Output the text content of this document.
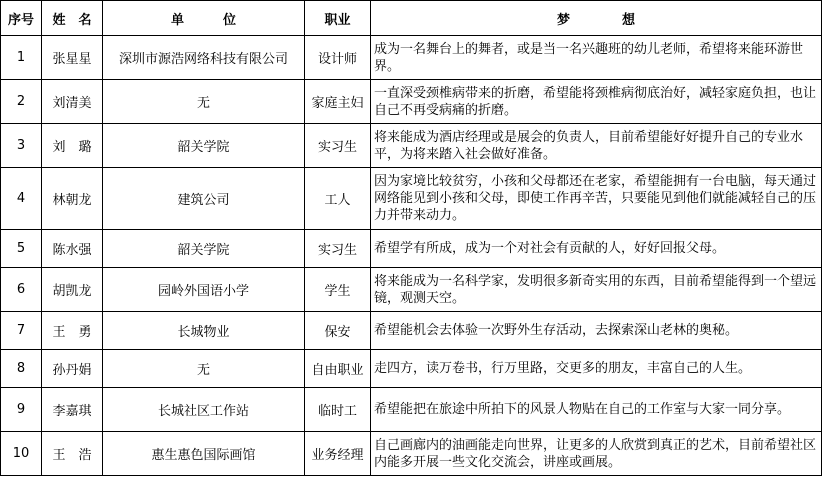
序号	姓　名	单　　　位	职业	梦　　　　想
1	张星星	深圳市源浩网络科技有限公司	设计师	成为一名舞台上的舞者，或是当一名兴趣班的幼儿老师，希望将来能环游世界。
2	刘清美	无	家庭主妇	一直深受颈椎病带来的折磨，希望能将颈椎病彻底治好，减轻家庭负担，也让自己不再受病痛的折磨。
3	刘　璐	韶关学院	实习生	将来能成为酒店经理或是展会的负责人，目前希望能好好提升自己的专业水平，为将来踏入社会做好准备。
4	林朝龙	建筑公司	工人	因为家境比较贫穷，小孩和父母都还在老家，希望能拥有一台电脑，每天通过网络能见到小孩和父母，即使工作再辛苦，只要能见到他们就能减轻自己的压力并带来动力。
5	陈水强	韶关学院	实习生	希望学有所成，成为一个对社会有贡献的人，好好回报父母。
6	胡凯龙	园岭外国语小学	学生	将来能成为一名科学家，发明很多新奇实用的东西，目前希望能得到一个望远镜，观测天空。
7	王　勇	长城物业	保安	希望能机会去体验一次野外生存活动，去探索深山老林的奥秘。
8	孙丹娟	无	自由职业	走四方，读万卷书，行万里路，交更多的朋友，丰富自己的人生。
9	李嘉琪	长城社区工作站	临时工	希望能把在旅途中所拍下的风景人物贴在自己的工作室与大家一同分享。
10	王　浩	惠生惠色国际画馆	业务经理	自己画廊内的油画能走向世界，让更多的人欣赏到真正的艺术，目前希望社区内能多开展一些文化交流会，讲座或画展。
